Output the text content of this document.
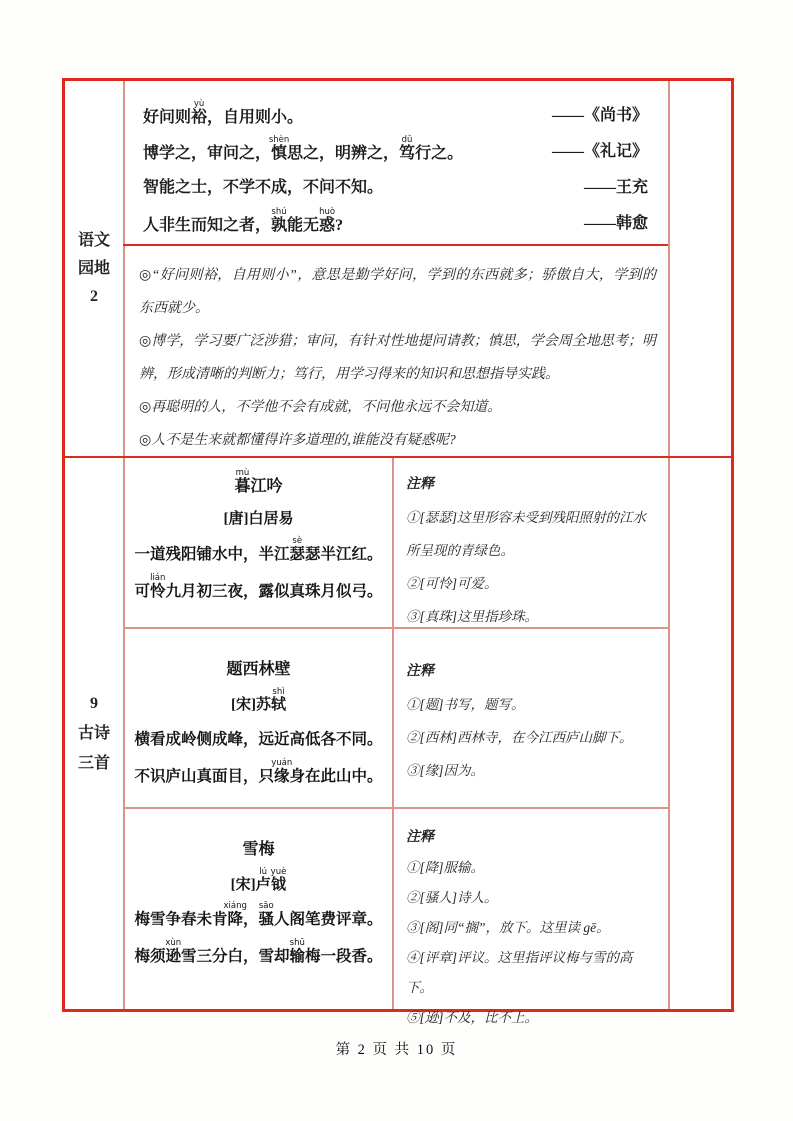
语文
园地
2
好问则裕yù，自用则小。	——《尚书》
博学之，审问之，慎shèn思之，明辨之，笃dǔ行之。	——《礼记》
智能之士，不学不成，不问不知。	——王充
人非生而知之者，孰shú能无惑huò?	——韩愈

◎“好问则裕，自用则小”，意思是勤学好问，学到的东西就多；骄傲自大，学到的东西就少。

◎博学，学习要广泛涉猎；审问，有针对性地提问请教；慎思，学会周全地思考；明辨，形成清晰的判断力；笃行，用学习得来的知识和思想指导实践。

◎再聪明的人，不学他不会有成就，不问他永远不会知道。

◎人不是生来就都懂得许多道理的,谁能没有疑惑呢?

9
古诗
三首
暮mù江吟
[唐]白居易
一道残阳铺水中，半江瑟sè瑟半江红。
可怜lián九月初三夜，露似真珠月似弓。
注释
①[瑟瑟]这里形容未受到残阳照射的江水所呈现的青绿色。
②[可怜]可爱。
③[真珠]这里指珍珠。
题西林壁
[宋]苏轼shì
横看成岭侧成峰，远近高低各不同。
不识庐山真面目，只缘yuán身在此山中。
注释
①[题]书写，题写。
②[西林]西林寺，在今江西庐山脚下。
③[缘]因为。
雪梅
[宋]卢lú钺yuè
梅雪争春未肯降xiáng，骚sāo人阁笔费评章。
梅须逊xùn雪三分白，雪却输shū梅一段香。
注释
①[降]服输。
②[骚人]诗人。
③[阁]同“搁”，放下。这里读 gē。
④[评章]评议。这里指评议梅与雪的高下。
⑤[逊]不及，比不上。
第 2 页 共 10 页
